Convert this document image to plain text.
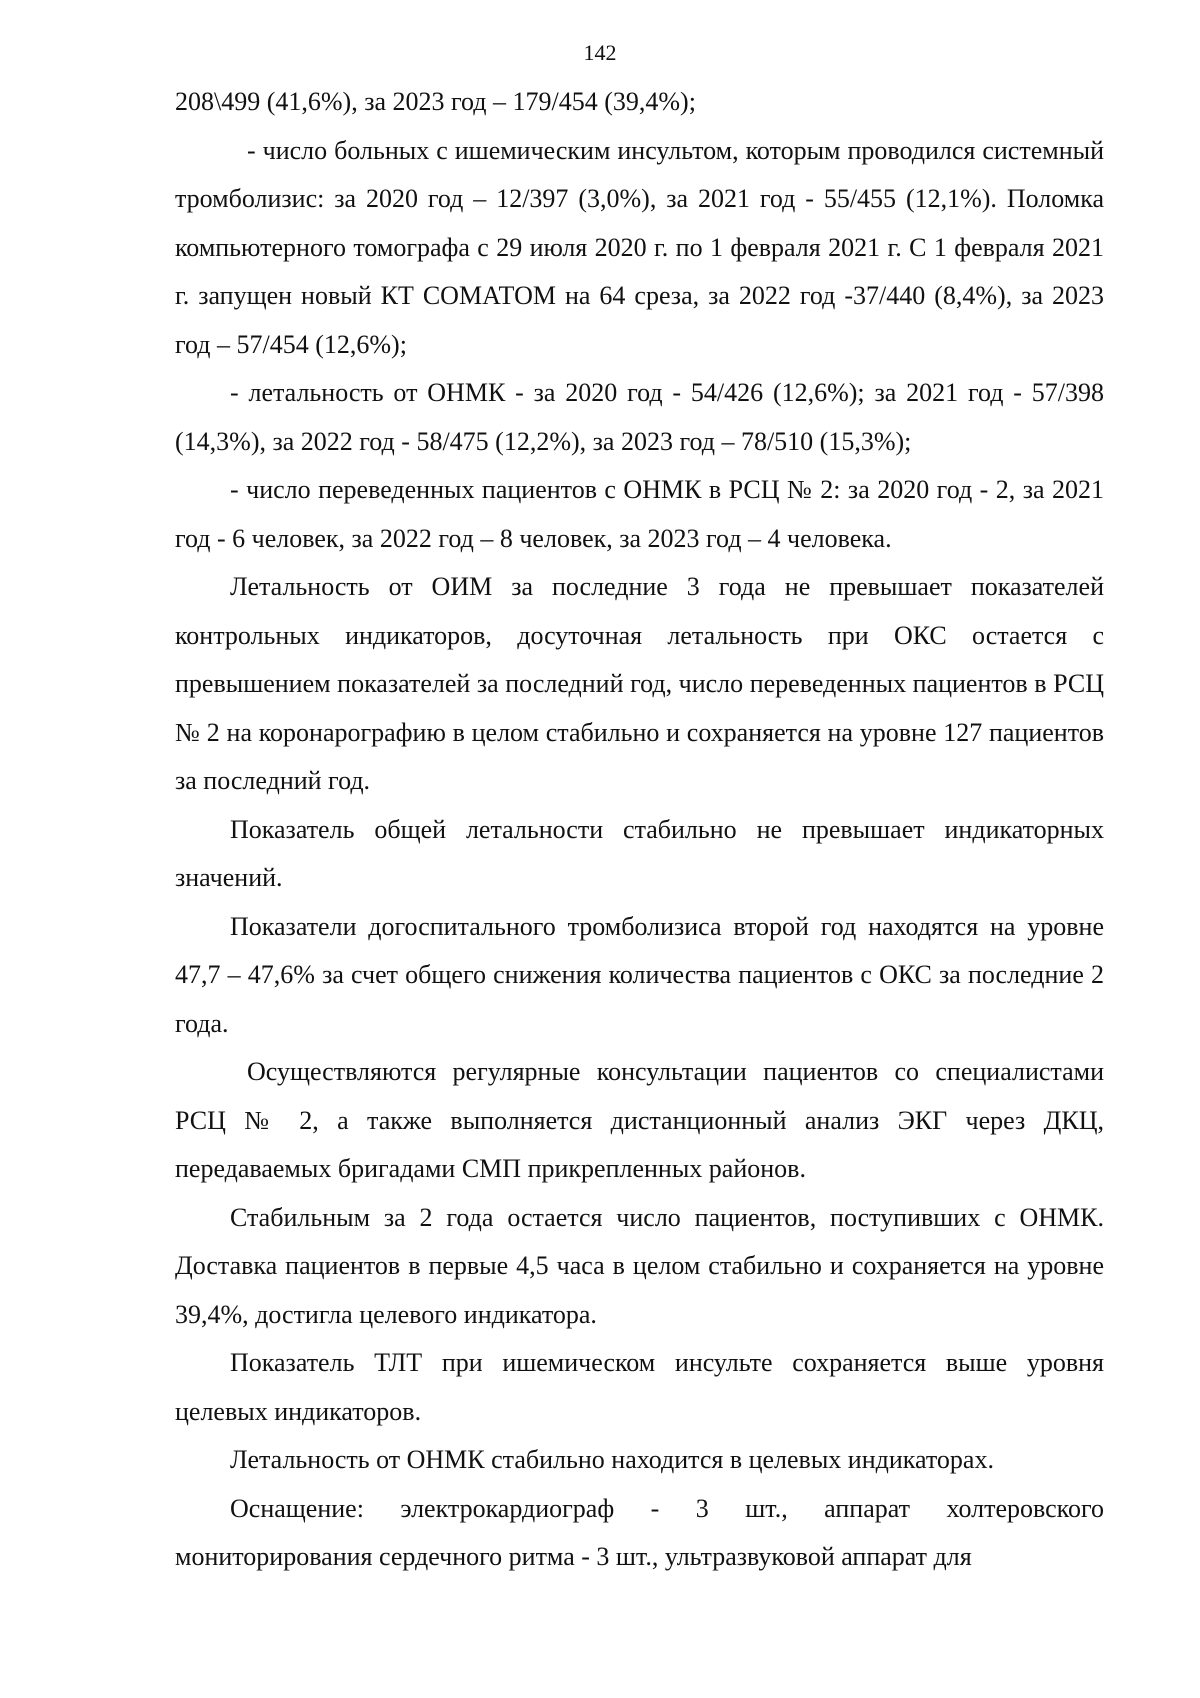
142

208\499 (41,6%), за 2023 год – 179/454 (39,4%);

- число больных с ишемическим инсультом, которым проводился системный тромболизис: за 2020 год – 12/397 (3,0%), за 2021 год - 55/455 (12,1%). Поломка компьютерного томографа с 29 июля 2020 г. по 1 февраля 2021 г. С 1 февраля 2021 г. запущен новый КТ СОМАТОМ на 64 среза, за 2022 год -37/440 (8,4%), за 2023 год – 57/454 (12,6%);

- летальность от ОНМК - за 2020 год - 54/426 (12,6%); за 2021 год - 57/398 (14,3%), за 2022 год - 58/475 (12,2%), за 2023 год – 78/510 (15,3%);

- число переведенных пациентов с ОНМК в РСЦ № 2: за 2020 год - 2, за 2021 год - 6 человек, за 2022 год – 8 человек, за 2023 год – 4 человека.

Летальность от ОИМ за последние 3 года не превышает показателей контрольных индикаторов, досуточная летальность при ОКС остается с превышением показателей за последний год, число переведенных пациентов в РСЦ № 2 на коронарографию в целом стабильно и сохраняется на уровне 127 пациентов за последний год.

Показатель общей летальности стабильно не превышает индикаторных значений.

Показатели догоспитального тромболизиса второй год находятся на уровне 47,7 – 47,6% за счет общего снижения количества пациентов с ОКС за последние 2 года.

Осуществляются регулярные консультации пациентов со специалистами РСЦ № 2, а также выполняется дистанционный анализ ЭКГ через ДКЦ, передаваемых бригадами СМП прикрепленных районов.

Стабильным за 2 года остается число пациентов, поступивших с ОНМК. Доставка пациентов в первые 4,5 часа в целом стабильно и сохраняется на уровне 39,4%, достигла целевого индикатора.

Показатель ТЛТ при ишемическом инсульте сохраняется выше уровня целевых индикаторов.

Летальность от ОНМК стабильно находится в целевых индикаторах.

Оснащение: электрокардиограф - 3 шт., аппарат холтеровского мониторирования сердечного ритма - 3 шт., ультразвуковой аппарат для
